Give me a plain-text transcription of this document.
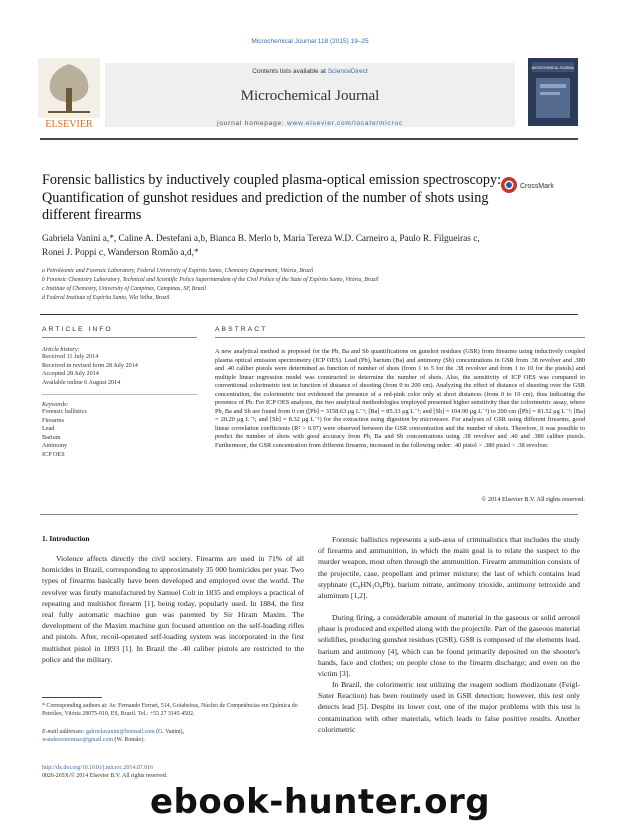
Microchemical Journal 118 (2015) 19–25
ELSEVIER
Contents lists available at ScienceDirect
Microchemical Journal
journal homepage: www.elsevier.com/locate/microc
MICROCHEMICAL JOURNAL
Forensic ballistics by inductively coupled plasma-optical emission spectroscopy: Quantification of gunshot residues and prediction of the number of shots using different firearms
CrossMark
Gabriela Vanini a,*, Caline A. Destefani a,b, Bianca B. Merlo b, Maria Tereza W.D. Carneiro a, Paulo R. Filgueiras c,
Ronei J. Poppi c, Wanderson Romão a,d,*
a Petroleomic and Forensic Laboratory, Federal University of Espírito Santo, Chemistry Department, Vitória, Brazil
b Forensic Chemistry Laboratory, Technical and Scientific Police Superintendent of the Civil Police of the State of Espírito Santo, Vitória, Brazil
c Institute of Chemistry, University of Campinas, Campinas, SP, Brazil
d Federal Institute of Espírito Santo, Vila Velha, Brazil
ARTICLE INFO
Article history:
Received 11 July 2014
Received in revised form 28 July 2014
Accepted 28 July 2014
Available online 6 August 2014
Keywords:
Forensic ballistics
Firearms
Lead
Barium
Antimony
ICP OES
ABSTRACT
A new analytical method is proposed for the Pb, Ba and Sb quantifications on gunshot residues (GSR) from firearms using inductively coupled plasma optical emission spectrometry (ICP OES). Lead (Pb), barium (Ba) and antimony (Sb) concentrations in GSR from .38 revolver and .380 and .40 caliber pistols were determined as function of number of shots (from 1 to 5 for the .38 revolver and from 1 to 10 for the pistols) and multiple linear regression model was constructed to determine the number of shots. Also, the sensitivity of ICP OES was compared to conventional colorimetric test in function of distance of shooting (from 0 to 200 cm). Analyzing the effect of distance of shooting over the GSR concentration, the colorimetric test evidenced the presence of a red-pink color only at short distances (from 0 to 10 cm), thus indicating the presence of Pb. For ICP OES analyses, the two analytical methodologies employed presented higher sensitivity than the colorimetric assay, where Pb, Ba and Sb are found from 0 cm ([Pb] = 3158.63 μg L⁻¹; [Ba] = 85.33 μg L⁻¹; and [Sb] = 104.90 μg L⁻¹) to 200 cm ([Pb] = 81.52 μg L⁻¹; [Ba] = 20.20 μg L⁻¹; and [Sb] = 8.32 μg L⁻¹) for the extraction using digestion by microwave. For analyses of GSR using different firearms, good linear correlation coefficients (R² > 0.97) were observed between the GSR concentration and the number of shots. Therefore, it was possible to predict the number of shots with good accuracy from Pb, Ba and Sb concentrations using .38 revolver and .40 and .380 caliber pistols. Furthermore, the GSR concentration from different firearms, increased in the following order: .40 pistol > .380 pistol > .38 revolver.
© 2014 Elsevier B.V. All rights reserved.
1. Introduction
Violence affects directly the civil society. Firearms are used in 71% of all homicides in Brazil, corresponding to approximately 35 000 homicides per year. Two types of firearms basically have been developed and employed over the world. The revolver was firstly manufactured by Samuel Colt in 1835 and employs a practical of repeating and multishot firearm [1], being today, popularly used. In 1884, the first real fully automatic machine gun was patented by Sir Hiram Maxim. The development of the Maxim machine gun focused attention on the self-loading rifles and pistols. After, recoil-operated self-loading system was incorporated in the first multishot pistol in 1893 [1]. In Brazil the .40 caliber pistols are restricted to the police and the military.
Forensic ballistics represents a sub-area of criminalistics that includes the study of firearms and ammunition, in which the main goal is to relate the suspect to the murder weapon, most often through the ammunition. Firearm ammunition consists of the projectile, case, propellant and primer mixture; the last of which contains lead styphnate (C₆HN₃O₈Pb), barium nitrate, antimony trioxide, antimony tetroxide and aluminum [1,2].
During firing, a considerable amount of material in the gaseous or solid aerosol phase is produced and expelled along with the projectile. Part of the gaseous material solidifies, producing gunshot residues (GSR). GSR is composed of the elements lead, barium and antimony [4], which can be found primarily deposited on the shooter's hands, face and clothes; on people close to the firearm discharge; and even on the victim [3].
In Brazil, the colorimetric test utilizing the reagent sodium rhodizonate (Feigl-Suter Reaction) has been routinely used in GSR detection; however, this test only detects lead [5]. Despite its lower cost, one of the major problems with this test is contamination with other materials, which leads to false positive results. Another colorimetric
* Corresponding authors at: Av. Fernando Ferrari, 514, Goiabeiras, Núcleo de Competências em Química do Petróleo, Vitória 29075-910, ES, Brazil. Tel.: +55 27 3145 4502.
E-mail addresses: gabrielavanini@hotmail.com (G. Vanini),
wandersonromao@gmail.com (W. Romão).
http://dx.doi.org/10.1016/j.microc.2014.07.016
0026-265X/© 2014 Elsevier B.V. All rights reserved.
ebook-hunter.org
